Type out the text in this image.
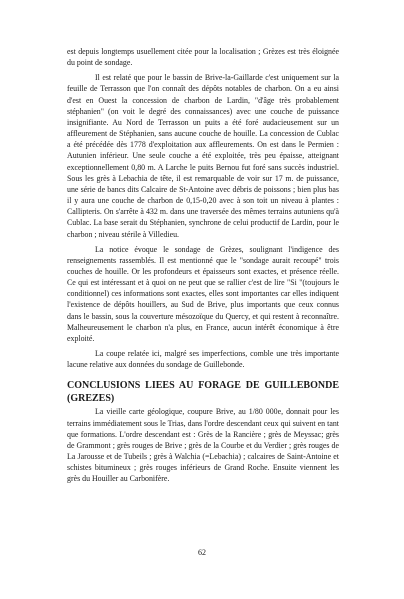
est depuis longtemps usuellement citée pour la localisation ; Grèzes est très éloignée du point de sondage.

Il est relaté que pour le bassin de Brive-la-Gaillarde c'est uniquement sur la feuille de Terrasson que l'on connaît des dépôts notables de charbon. On a eu ainsi d'est en Ouest la concession de charbon de Lardin, "d'âge très probablement stéphanien" (on voit le degré des connaissances) avec une couche de puissance insignifiante. Au Nord de Terrasson un puits a été foré audacieusement sur un affleurement de Stéphanien, sans aucune couche de houille. La concession de Cublac a été précédée dès 1778 d'exploitation aux affleurements. On est dans le Permien : Autunien inférieur. Une seule couche a été exploitée, très peu épaisse, atteignant exceptionnellement 0,80 m. A Larche le puits Bernou fut foré sans succès industriel. Sous les grès à Lebachia de tête, il est remarquable de voir sur 17 m. de puissance, une série de bancs dits Calcaire de St-Antoine avec débris de poissons ; bien plus bas il y aura une couche de charbon de 0,15-0,20 avec à son toit un niveau à plantes : Callipteris. On s'arrête à 432 m. dans une traversée des mêmes terrains autuniens qu'à Cublac. La base serait du Stéphanien, synchrone de celui productif de Lardin, pour le charbon ; niveau stérile à Villedieu.

La notice évoque le sondage de Grèzes, soulignant l'indigence des renseignements rassemblés. Il est mentionné que le "sondage aurait recoupé" trois couches de houille. Or les profondeurs et épaisseurs sont exactes, et présence réelle. Ce qui est intéressant et à quoi on ne peut que se rallier c'est de lire "Si "(toujours le conditionnel) ces informations sont exactes, elles sont importantes car elles indiquent l'existence de dépôts houillers, au Sud de Brive, plus importants que ceux connus dans le bassin, sous la couverture mésozoïque du Quercy, et qui restent à reconnaître. Malheureusement le charbon n'a plus, en France, aucun intérêt économique à être exploité.

La coupe relatée ici, malgré ses imperfections, comble une très importante lacune relative aux données du sondage de Guillebonde.

CONCLUSIONS LIEES AU FORAGE DE GUILLEBONDE

(GREZES)

La vieille carte géologique, coupure Brive, au 1/80 000e, donnait pour les terrains immédiatement sous le Trias, dans l'ordre descendant ceux qui suivent en tant que formations. L'ordre descendant est : Grès de la Rancière ; grès de Meyssac; grès de Grammont ; grès rouges de Brive ; grès de la Courbe et du Verdier ; grès rouges de La Jarousse et de Tubeils ; grès à Walchia (=Lebachia) ; calcaires de Saint-Antoine et schistes bitumineux ; grès rouges inférieurs de Grand Roche. Ensuite viennent les grès du Houiller au Carbonifère.

62
